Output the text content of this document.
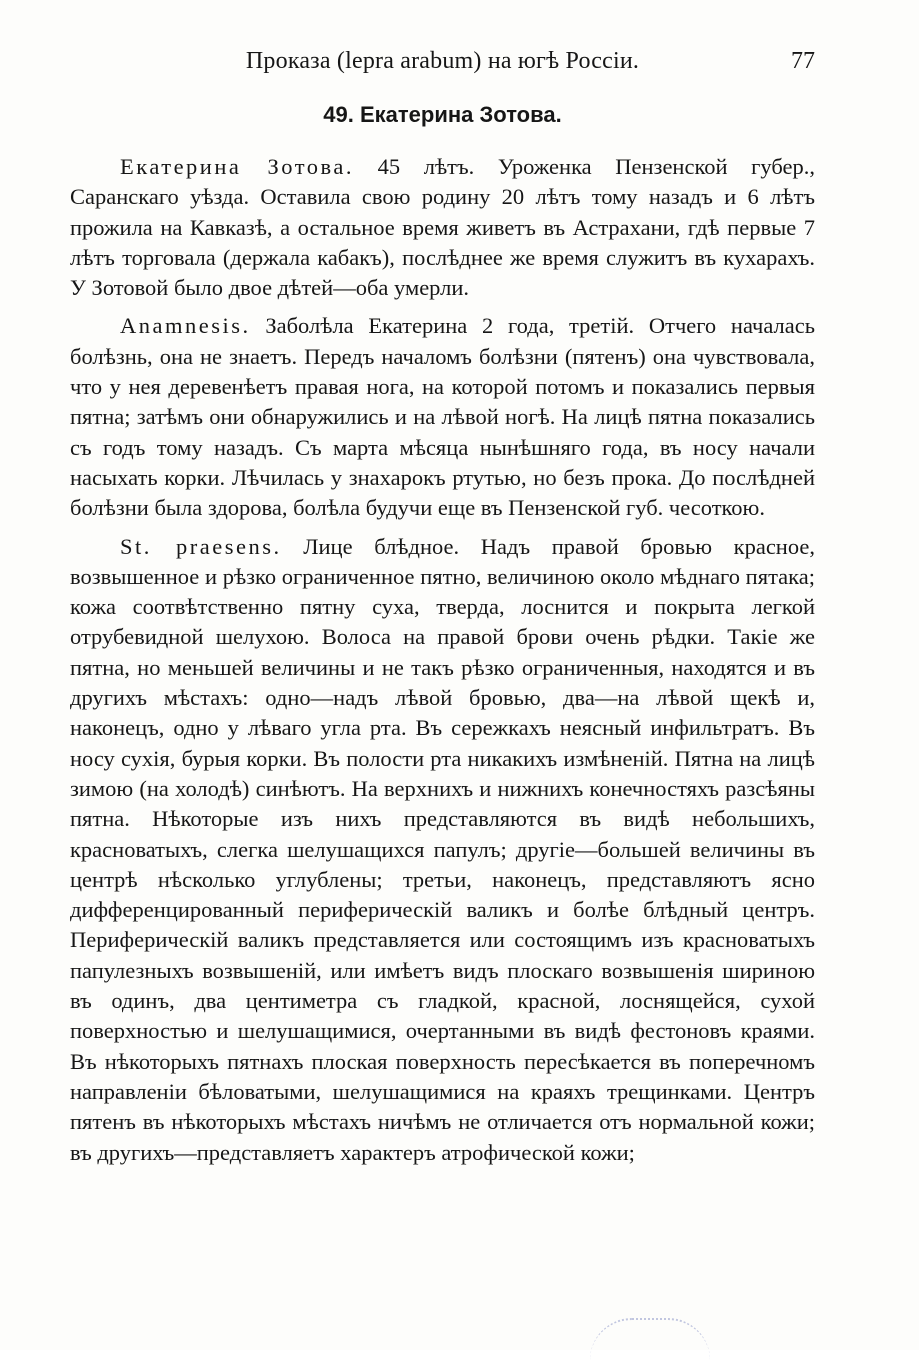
Проказа (lepra arabum) на югѣ Россіи.	77
49. Екатерина Зотова.

Екатерина Зотова. 45 лѣтъ. Уроженка Пензенской губер., Саранскаго уѣзда. Оставила свою родину 20 лѣтъ тому назадъ и 6 лѣтъ прожила на Кавказѣ, а остальное время живетъ въ Астрахани, гдѣ первые 7 лѣтъ торговала (держала кабакъ), послѣднее же время служитъ въ кухарахъ. У Зотовой было двое дѣтей—оба умерли.

Anamnesis. Заболѣла Екатерина 2 года, третій. Отчего началась болѣзнь, она не знаетъ. Передъ началомъ болѣзни (пятенъ) она чувствовала, что у нея деревенѣетъ правая нога, на которой потомъ и показались первыя пятна; затѣмъ они обнаружились и на лѣвой ногѣ. На лицѣ пятна показались съ годъ тому назадъ. Съ марта мѣсяца нынѣшняго года, въ носу начали насыхать корки. Лѣчилась у знахарокъ ртутью, но безъ прока. До послѣдней болѣзни была здорова, болѣла будучи еще въ Пензенской губ. чесоткою.

St. praesens. Лице блѣдное. Надъ правой бровью красное, возвышенное и рѣзко ограниченное пятно, величиною около мѣднаго пятака; кожа соотвѣтственно пятну суха, тверда, лоснится и покрыта легкой отрубевидной шелухою. Волоса на правой брови очень рѣдки. Такіе же пятна, но меньшей величины и не такъ рѣзко ограниченныя, находятся и въ другихъ мѣстахъ: одно—надъ лѣвой бровью, два—на лѣвой щекѣ и, наконецъ, одно у лѣваго угла рта. Въ сережкахъ неясный инфильтратъ. Въ носу сухія, бурыя корки. Въ полости рта никакихъ измѣненій. Пятна на лицѣ зимою (на холодѣ) синѣютъ. На верхнихъ и нижнихъ конечностяхъ разсѣяны пятна. Нѣкоторые изъ нихъ представляются въ видѣ небольшихъ, красноватыхъ, слегка шелушащихся папулъ; другіе—большей величины въ центрѣ нѣсколько углублены; третьи, наконецъ, представляютъ ясно дифференцированный периферическій валикъ и болѣе блѣдный центръ. Периферическій валикъ представляется или состоящимъ изъ красноватыхъ папулезныхъ возвышеній, или имѣетъ видъ плоскаго возвышенія шириною въ одинъ, два центиметра съ гладкой, красной, лоснящейся, сухой поверхностью и шелушащимися, очертанными въ видѣ фестоновъ краями. Въ нѣкоторыхъ пятнахъ плоская поверхность пересѣкается въ поперечномъ направленіи бѣловатыми, шелушащимися на краяхъ трещинками. Центръ пятенъ въ нѣкоторыхъ мѣстахъ ничѣмъ не отличается отъ нормальной кожи; въ другихъ—представляетъ характеръ атрофической кожи;
